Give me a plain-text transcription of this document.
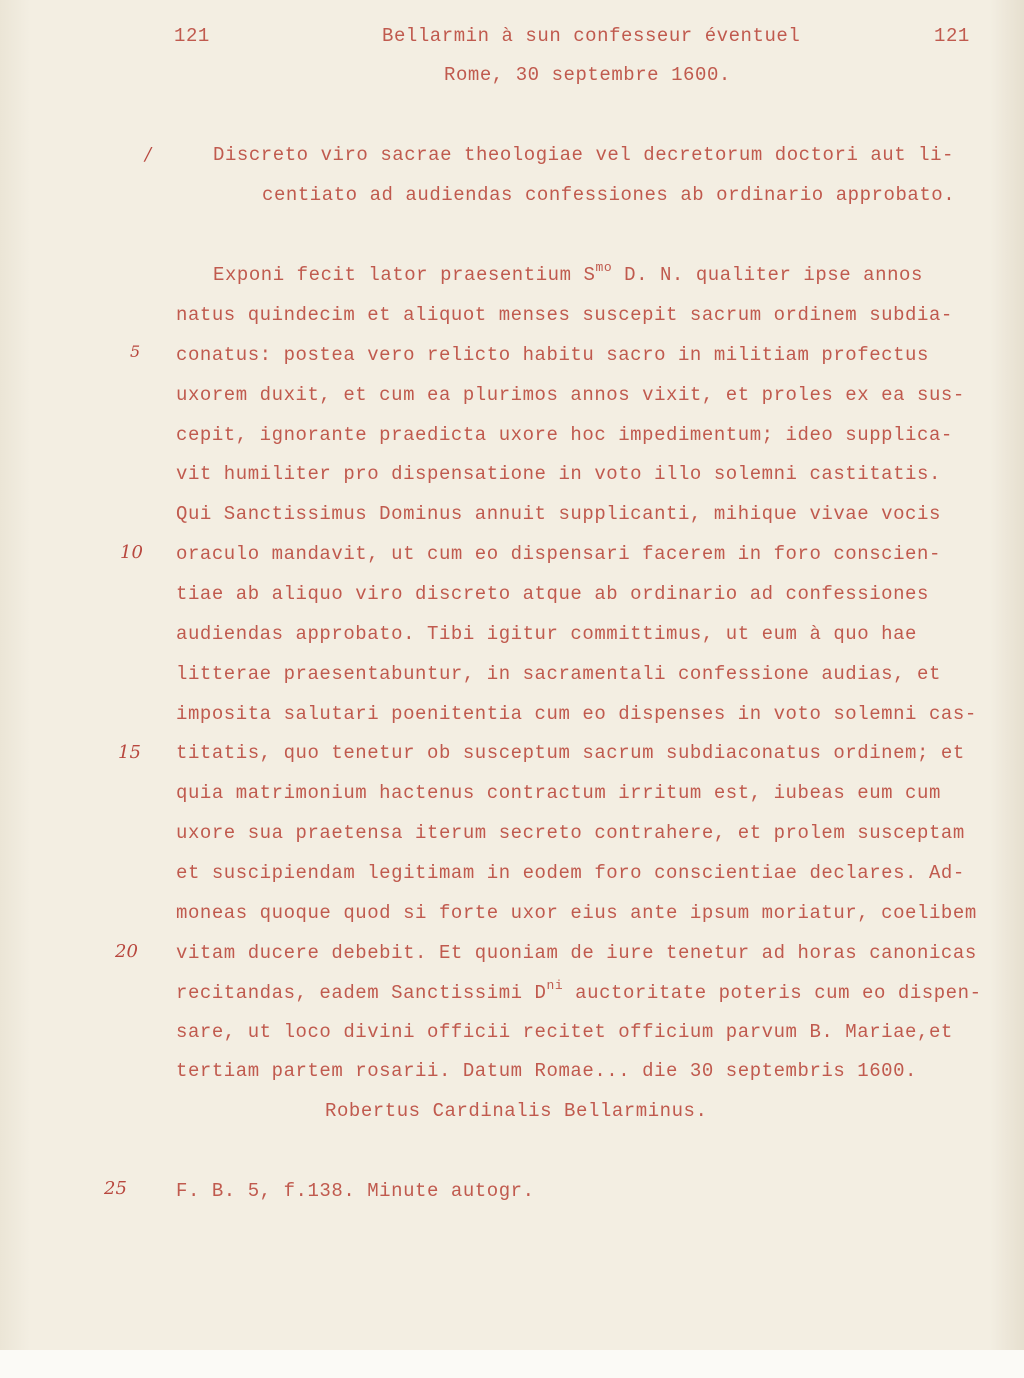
121	Bellarmin à sun confesseur éventuel	121
Rome, 30 septembre 1600.
/
5
10
15
20
25
Discreto viro sacrae theologiae vel decretorum doctori aut li-
centiato ad audiendas confessiones ab ordinario approbato.
Exponi fecit lator praesentium $S^{mo}$ D. N. qualiter ipse annos
natus quindecim et aliquot menses suscepit sacrum ordinem subdia-
conatus: postea vero relicto habitu sacro in militiam profectus
uxorem duxit, et cum ea plurimos annos vixit, et proles ex ea sus-
cepit, ignorante praedicta uxore hoc impedimentum; ideo supplica-
vit humiliter pro dispensatione in voto illo solemni castitatis.
Qui Sanctissimus Dominus annuit supplicanti, mihique vivae vocis
oraculo mandavit, ut cum eo dispensari facerem in foro conscien-
tiae ab aliquo viro discreto atque ab ordinario ad confessiones
audiendas approbato. Tibi igitur committimus, ut eum à quo hae
litterae praesentabuntur, in sacramentali confessione audias, et
imposita salutari poenitentia cum eo dispenses in voto solemni cas-
titatis, quo tenetur ob susceptum sacrum subdiaconatus ordinem; et
quia matrimonium hactenus contractum irritum est, iubeas eum cum
uxore sua praetensa iterum secreto contrahere, et prolem susceptam
et suscipiendam legitimam in eodem foro conscientiae declares. Ad-
moneas quoque quod si forte uxor eius ante ipsum moriatur, coelibem
vitam ducere debebit. Et quoniam de iure tenetur ad horas canonicas
recitandas, eadem Sanctissimi $D^{ni}$ auctoritate poteris cum eo dispen-
sare, ut loco divini officii recitet officium parvum B. Mariae,et
tertiam partem rosarii. Datum Romae... die 30 septembris 1600.
Robertus Cardinalis Bellarminus.
F. B. 5, f.138. Minute autogr.
